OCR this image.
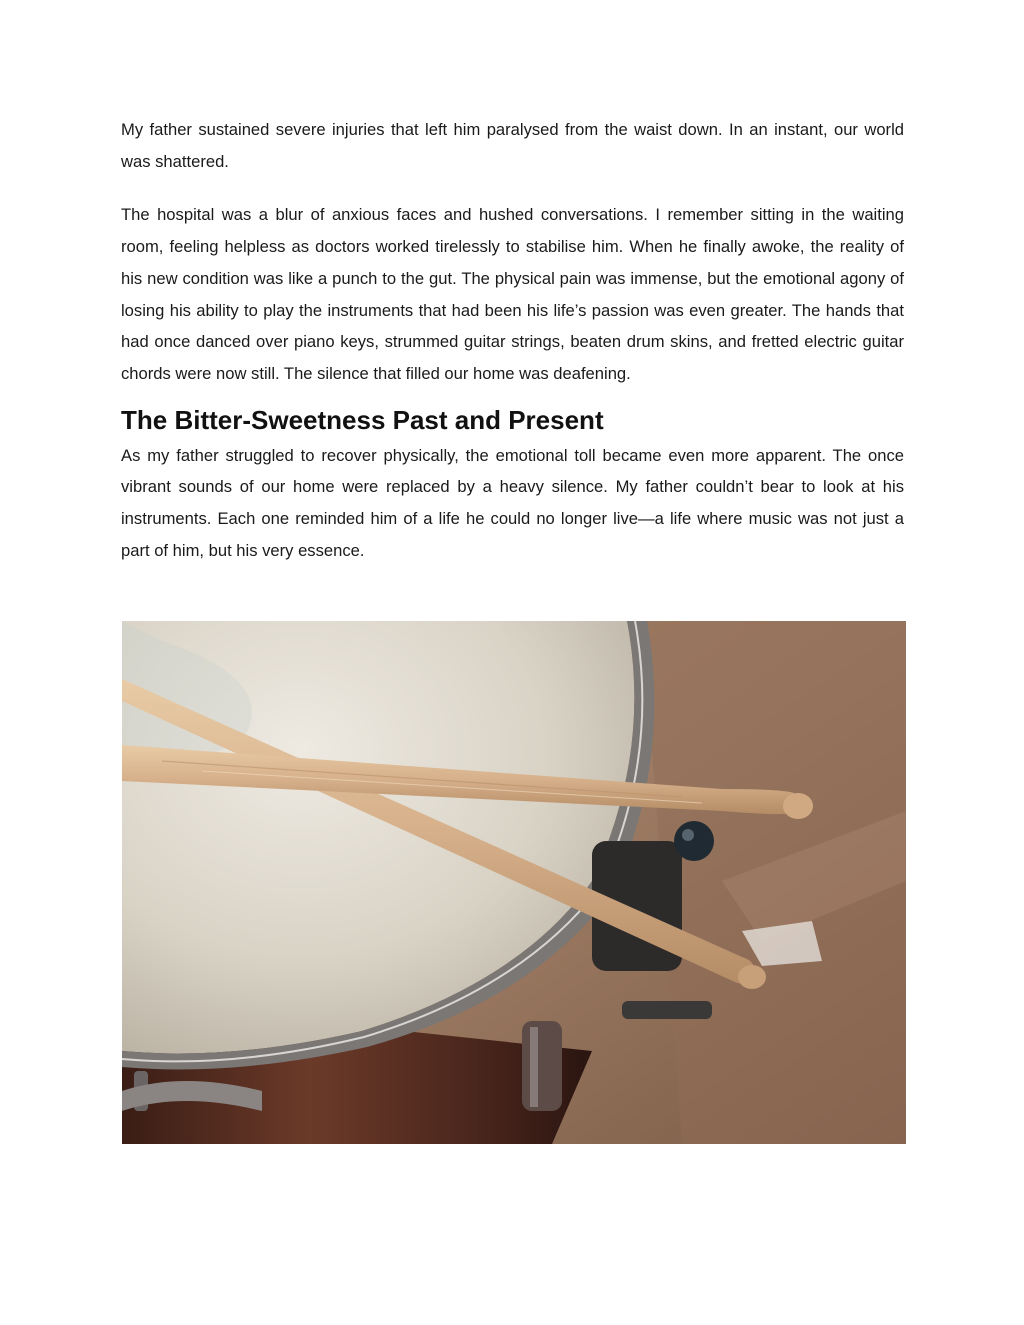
My father sustained severe injuries that left him paralysed from the waist down. In an instant, our world was shattered.

The hospital was a blur of anxious faces and hushed conversations. I remember sitting in the waiting room, feeling helpless as doctors worked tirelessly to stabilise him. When he finally awoke, the reality of his new condition was like a punch to the gut. The physical pain was immense, but the emotional agony of losing his ability to play the instruments that had been his life’s passion was even greater. The hands that had once danced over piano keys, strummed guitar strings, beaten drum skins, and fretted electric guitar chords were now still. The silence that filled our home was deafening.

The Bitter-Sweetness Past and Present

As my father struggled to recover physically, the emotional toll became even more apparent. The once vibrant sounds of our home were replaced by a heavy silence. My father couldn’t bear to look at his instruments. Each one reminded him of a life he could no longer live—a life where music was not just a part of him, but his very essence.
